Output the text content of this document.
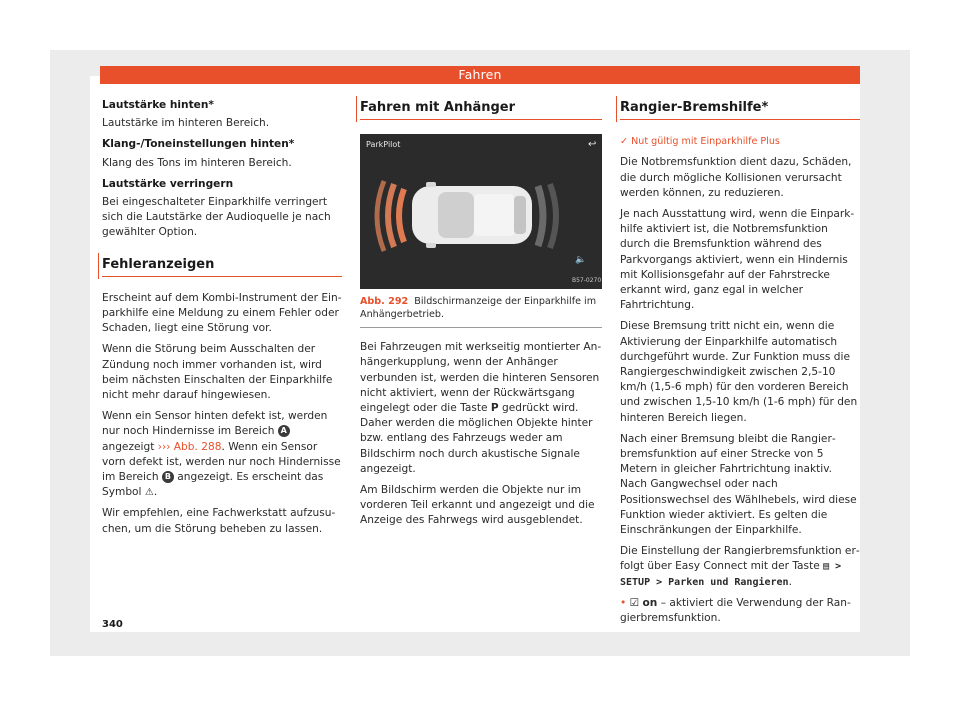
Fahren

Lautstärke hinten*

Lautstärke im hinteren Bereich.

Klang-/Toneinstellungen hinten*

Klang des Tons im hinteren Bereich.

Lautstärke verringern

Bei eingeschalteter Einparkhilfe verringert sich die Lautstärke der Audioquelle je nach gewählter Option.

Fehleranzeigen

Erscheint auf dem Kombi-Instrument der Einparkhilfe eine Meldung zu einem Fehler oder Schaden, liegt eine Störung vor.

Wenn die Störung beim Ausschalten der Zündung noch immer vorhanden ist, wird beim nächsten Einschalten der Einparkhilfe nicht mehr darauf hingewiesen.

Wenn ein Sensor hinten defekt ist, werden nur noch Hindernisse im Bereich A angezeigt ››› Abb. 288. Wenn ein Sensor vorn defekt ist, werden nur noch Hindernisse im Bereich B angezeigt. Es erscheint das Symbol ⚠.

Wir empfehlen, eine Fachwerkstatt aufzusuchen, um die Störung beheben zu lassen.

Fahren mit Anhänger
ParkPilot	↩
🔈
B57-0270

Abb. 292 Bildschirmanzeige der Einparkhilfe im Anhängerbetrieb.

Bei Fahrzeugen mit werkseitig montierter Anhängerkupplung, wenn der Anhänger verbunden ist, werden die hinteren Sensoren nicht aktiviert, wenn der Rückwärtsgang eingelegt oder die Taste P gedrückt wird. Daher werden die möglichen Objekte hinter bzw. entlang des Fahrzeugs weder am Bildschirm noch durch akustische Signale angezeigt.

Am Bildschirm werden die Objekte nur im vorderen Teil erkannt und angezeigt und die Anzeige des Fahrwegs wird ausgeblendet.

Rangier-Bremshilfe*

✓ Nut gültig mit Einparkhilfe Plus

Die Notbremsfunktion dient dazu, Schäden, die durch mögliche Kollisionen verursacht werden können, zu reduzieren.

Je nach Ausstattung wird, wenn die Einparkhilfe aktiviert ist, die Notbremsfunktion durch die Bremsfunktion während des Parkvorgangs aktiviert, wenn ein Hindernis mit Kollisionsgefahr auf der Fahrstrecke erkannt wird, ganz egal in welcher Fahrtrichtung.

Diese Bremsung tritt nicht ein, wenn die Aktivierung der Einparkhilfe automatisch durchgeführt wurde. Zur Funktion muss die Rangiergeschwindigkeit zwischen 2,5-10 km/h (1,5-6 mph) für den vorderen Bereich und zwischen 1,5-10 km/h (1-6 mph) für den hinteren Bereich liegen.

Nach einer Bremsung bleibt die Rangierbremsfunktion auf einer Strecke von 5 Metern in gleicher Fahrtrichtung inaktiv. Nach Gangwechsel oder nach Positionswechsel des Wählhebels, wird diese Funktion wieder aktiviert. Es gelten die Einschränkungen der Einparkhilfe.

Die Einstellung der Rangierbremsfunktion erfolgt über Easy Connect mit der Taste ▤ >
SETUP > Parken und Rangieren.

• ☑ on – aktiviert die Verwendung der Rangierbremsfunktion.

340
